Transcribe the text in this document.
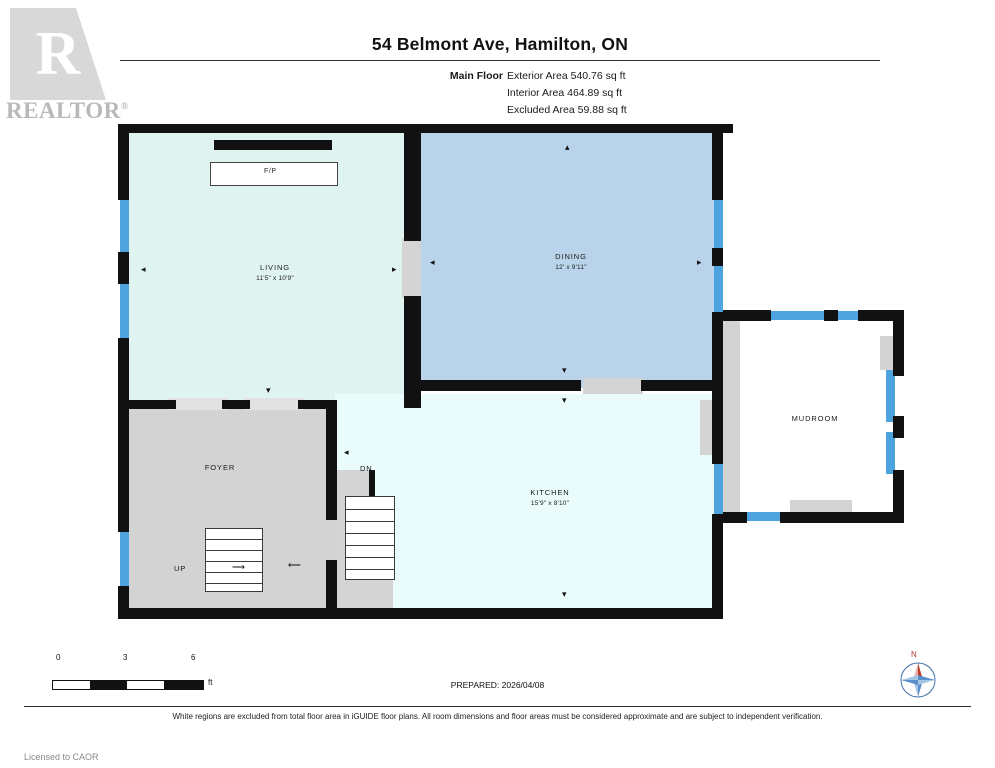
R
REALTOR®
54 Belmont Ave, Hamilton, ON
Main Floor Exterior Area 540.76 sq ft
Interior Area 464.89 sq ft
Excluded Area 59.88 sq ft
F/P
⟶
UP	⟵
DN
LIVING
11'5" x 10'9"
DINING
12' x 9'11"
KITCHEN
15'9" x 8'10"
FOYER
MUDROOM
◂
▴
▾
▸
◂
▴
▸
▾
▾
▾
◂
0	3	6
ft	PREPARED: 2026/04/08
N
White regions are excluded from total floor area in iGUIDE floor plans. All room dimensions and floor areas must be considered approximate and are subject to independent verification.
Licensed to CAOR
